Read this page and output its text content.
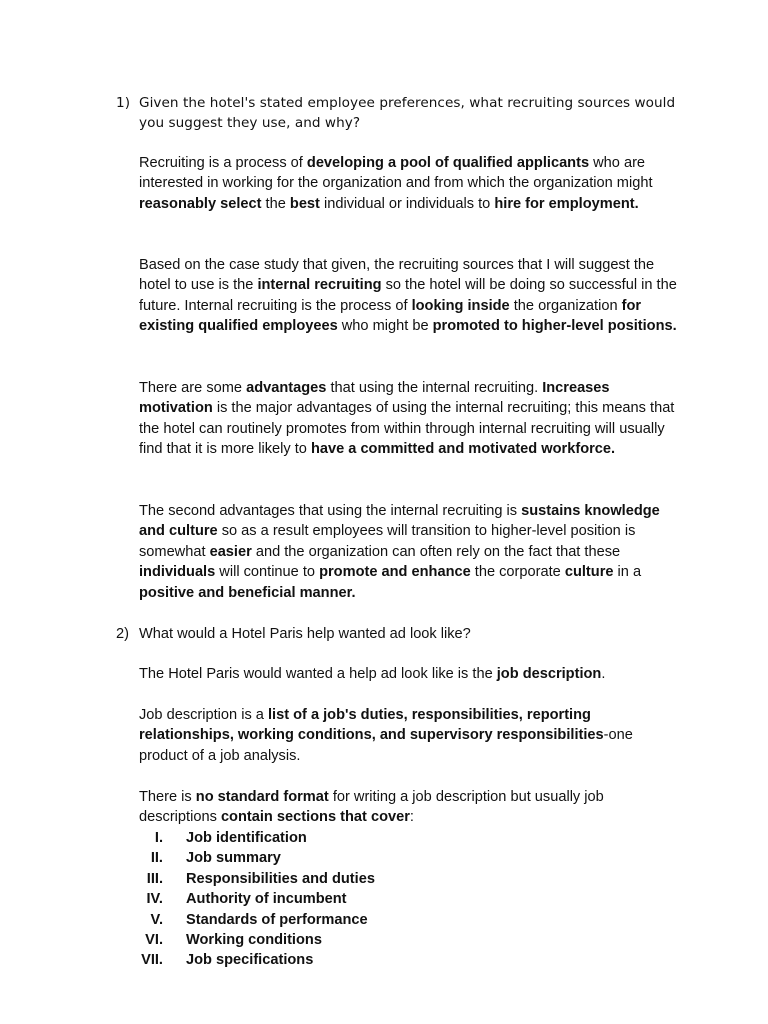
1) Given the hotel's stated employee preferences, what recruiting sources would you suggest they use, and why?

Recruiting is a process of developing a pool of qualified applicants who are interested in working for the organization and from which the organization might reasonably select the best individual or individuals to hire for employment.

Based on the case study that given, the recruiting sources that I will suggest the hotel to use is the internal recruiting so the hotel will be doing so successful in the future. Internal recruiting is the process of looking inside the organization for existing qualified employees who might be promoted to higher-level positions.

There are some advantages that using the internal recruiting. Increases motivation is the major advantages of using the internal recruiting; this means that the hotel can routinely promotes from within through internal recruiting will usually find that it is more likely to have a committed and motivated workforce.

The second advantages that using the internal recruiting is sustains knowledge and culture so as a result employees will transition to higher-level position is somewhat easier and the organization can often rely on the fact that these individuals will continue to promote and enhance the corporate culture in a positive and beneficial manner.

2) What would a Hotel Paris help wanted ad look like?

The Hotel Paris would wanted a help ad look like is the job description.

Job description is a list of a job's duties, responsibilities, reporting relationships, working conditions, and supervisory responsibilities-one product of a job analysis.

There is no standard format for writing a job description but usually job descriptions contain sections that cover:

I. Job identification
II. Job summary
III. Responsibilities and duties
IV. Authority of incumbent
V. Standards of performance
VI. Working conditions
VII. Job specifications
